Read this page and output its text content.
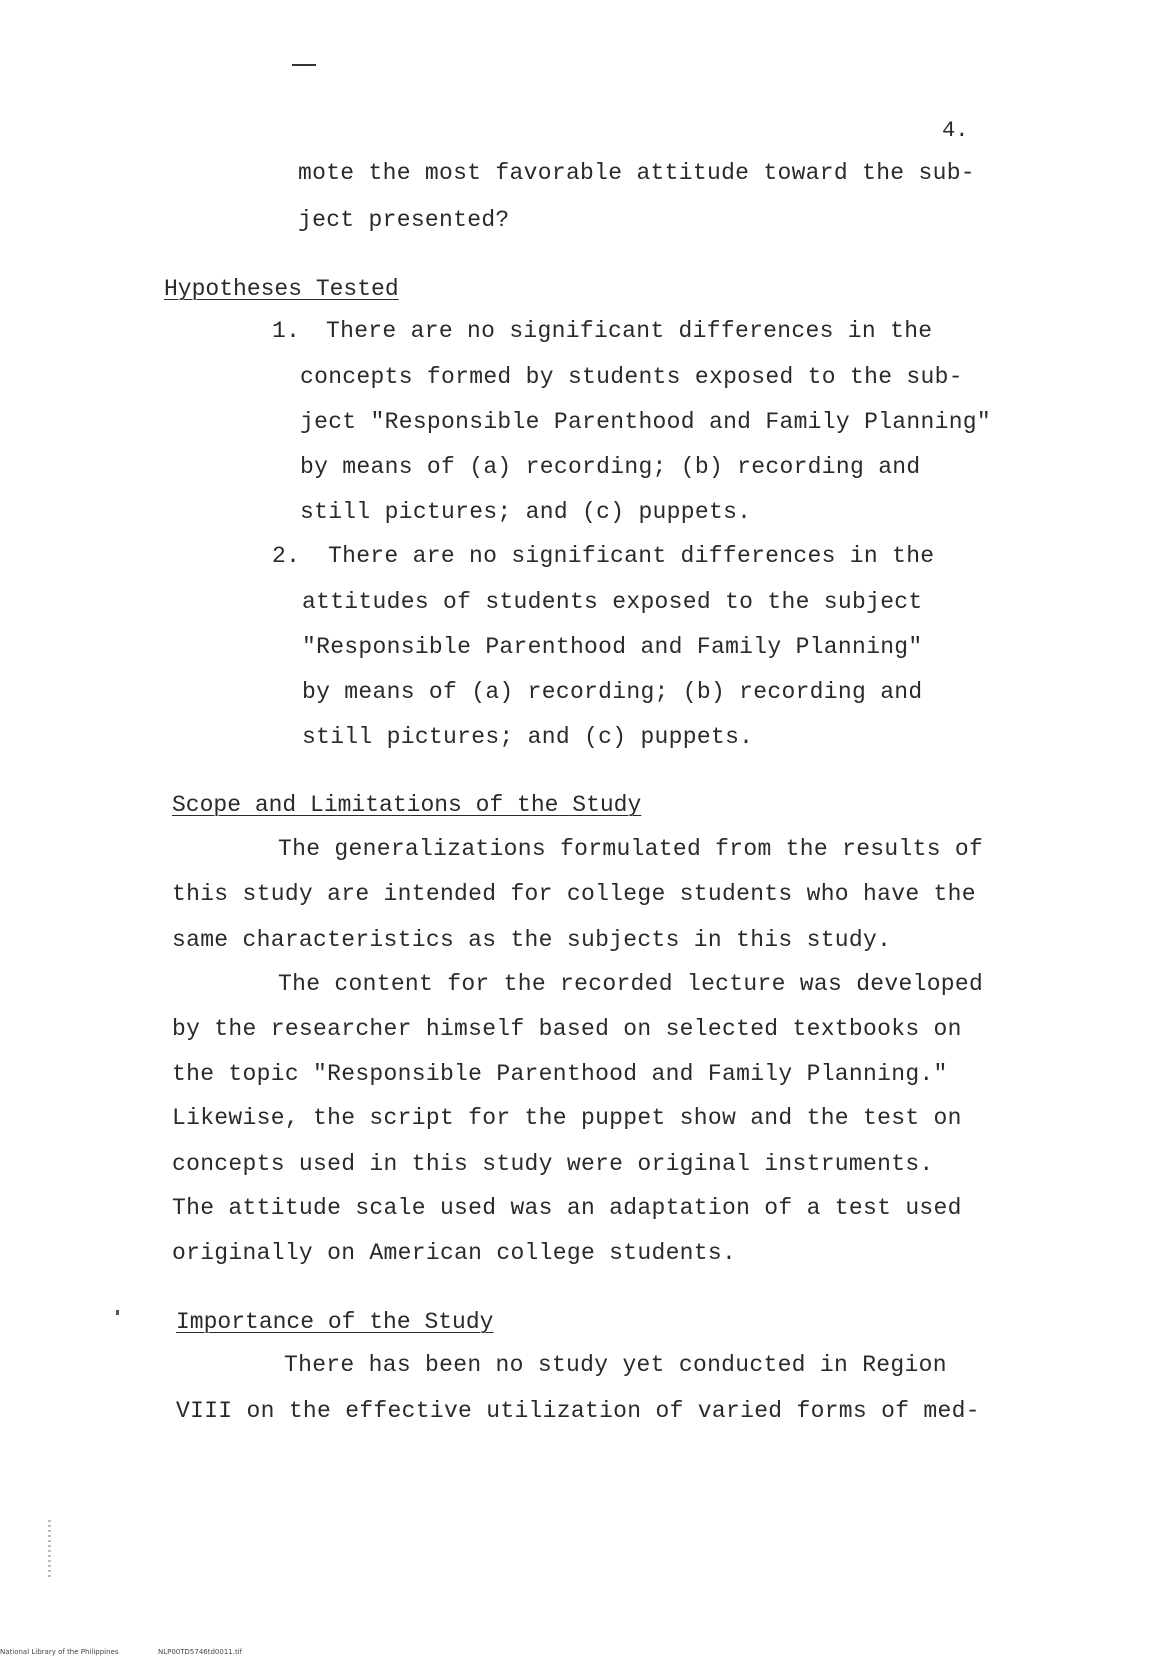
4.
mote the most favorable attitude toward the sub-
ject presented?
Hypotheses Tested
1. There are no significant differences in the
concepts formed by students exposed to the sub-
ject "Responsible Parenthood and Family Planning"
by means of (a) recording; (b) recording and
still pictures; and (c) puppets.
2. There are no significant differences in the
attitudes of students exposed to the subject
"Responsible Parenthood and Family Planning"
by means of (a) recording; (b) recording and
still pictures; and (c) puppets.
Scope and Limitations of the Study
The generalizations formulated from the results of
this study are intended for college students who have the
same characteristics as the subjects in this study.
The content for the recorded lecture was developed
by the researcher himself based on selected textbooks on
the topic "Responsible Parenthood and Family Planning."
Likewise, the script for the puppet show and the test on
concepts used in this study were original instruments.
The attitude scale used was an adaptation of a test used
originally on American college students.
Importance of the Study
There has been no study yet conducted in Region
VIII on the effective utilization of varied forms of med-
National Library of the Philippines	NLP00TD5746td0011.tif
